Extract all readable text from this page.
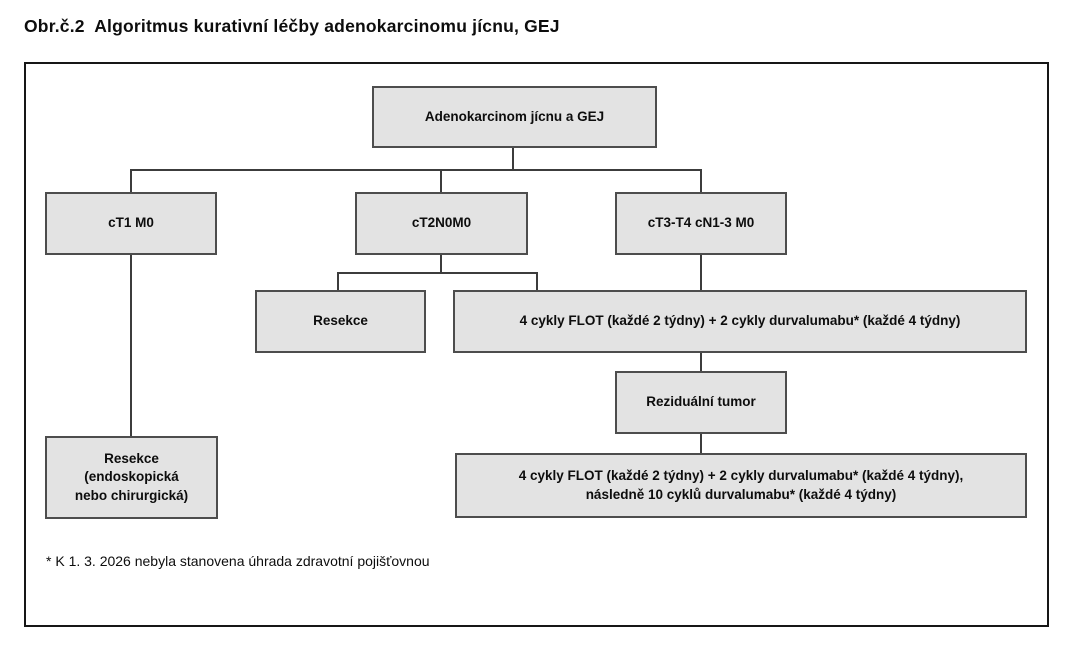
Obr.č.2  Algoritmus kurativní léčby adenokarcinomu jícnu, GEJ
Adenokarcinom jícnu a GEJ
cT1 M0	cT2N0M0	cT3-T4 cN1-3 M0
Resekce	4 cykly FLOT (každé 2 týdny) + 2 cykly durvalumabu* (každé 4 týdny)
Reziduální tumor
4 cykly FLOT (každé 2 týdny) + 2 cykly durvalumabu* (každé 4 týdny),
následně 10 cyklů durvalumabu* (každé 4 týdny)
Resekce
(endoskopická
nebo chirurgická)
* K 1. 3. 2026 nebyla stanovena úhrada zdravotní pojišťovnou
